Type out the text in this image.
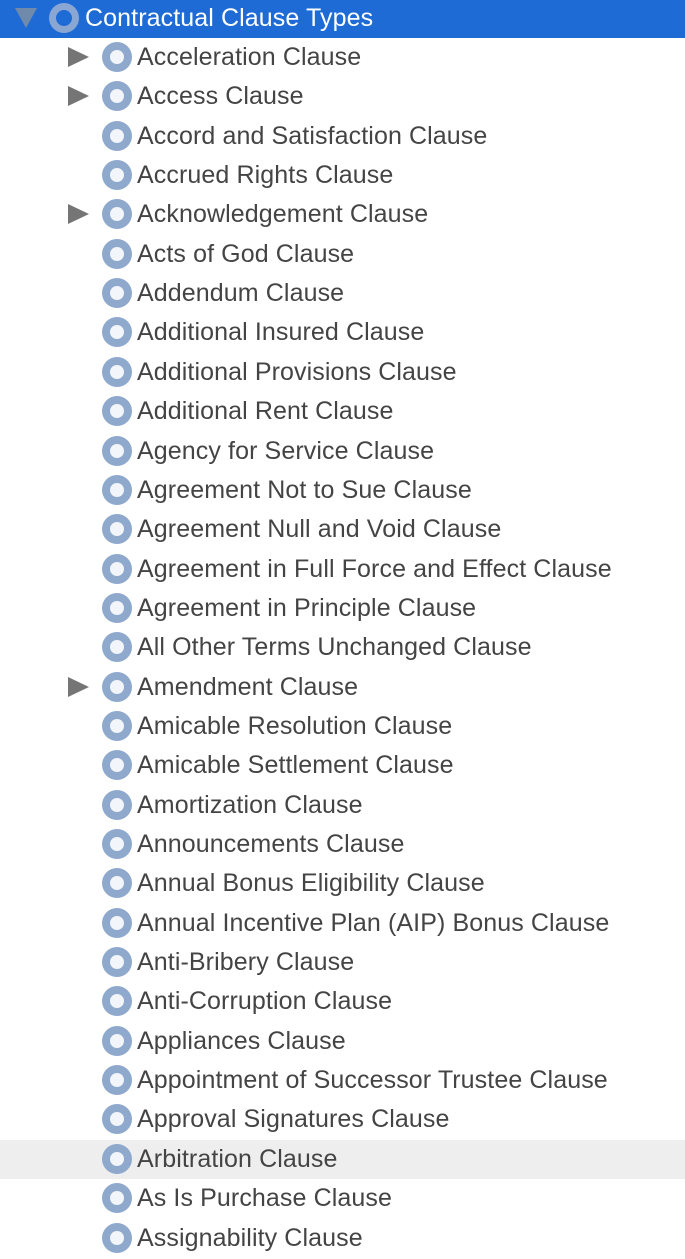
Contractual Clause Types
Acceleration Clause
Access Clause
Accord and Satisfaction Clause
Accrued Rights Clause
Acknowledgement Clause
Acts of God Clause
Addendum Clause
Additional Insured Clause
Additional Provisions Clause
Additional Rent Clause
Agency for Service Clause
Agreement Not to Sue Clause
Agreement Null and Void Clause
Agreement in Full Force and Effect Clause
Agreement in Principle Clause
All Other Terms Unchanged Clause
Amendment Clause
Amicable Resolution Clause
Amicable Settlement Clause
Amortization Clause
Announcements Clause
Annual Bonus Eligibility Clause
Annual Incentive Plan (AIP) Bonus Clause
Anti-Bribery Clause
Anti-Corruption Clause
Appliances Clause
Appointment of Successor Trustee Clause
Approval Signatures Clause
Arbitration Clause
As Is Purchase Clause
Assignability Clause
